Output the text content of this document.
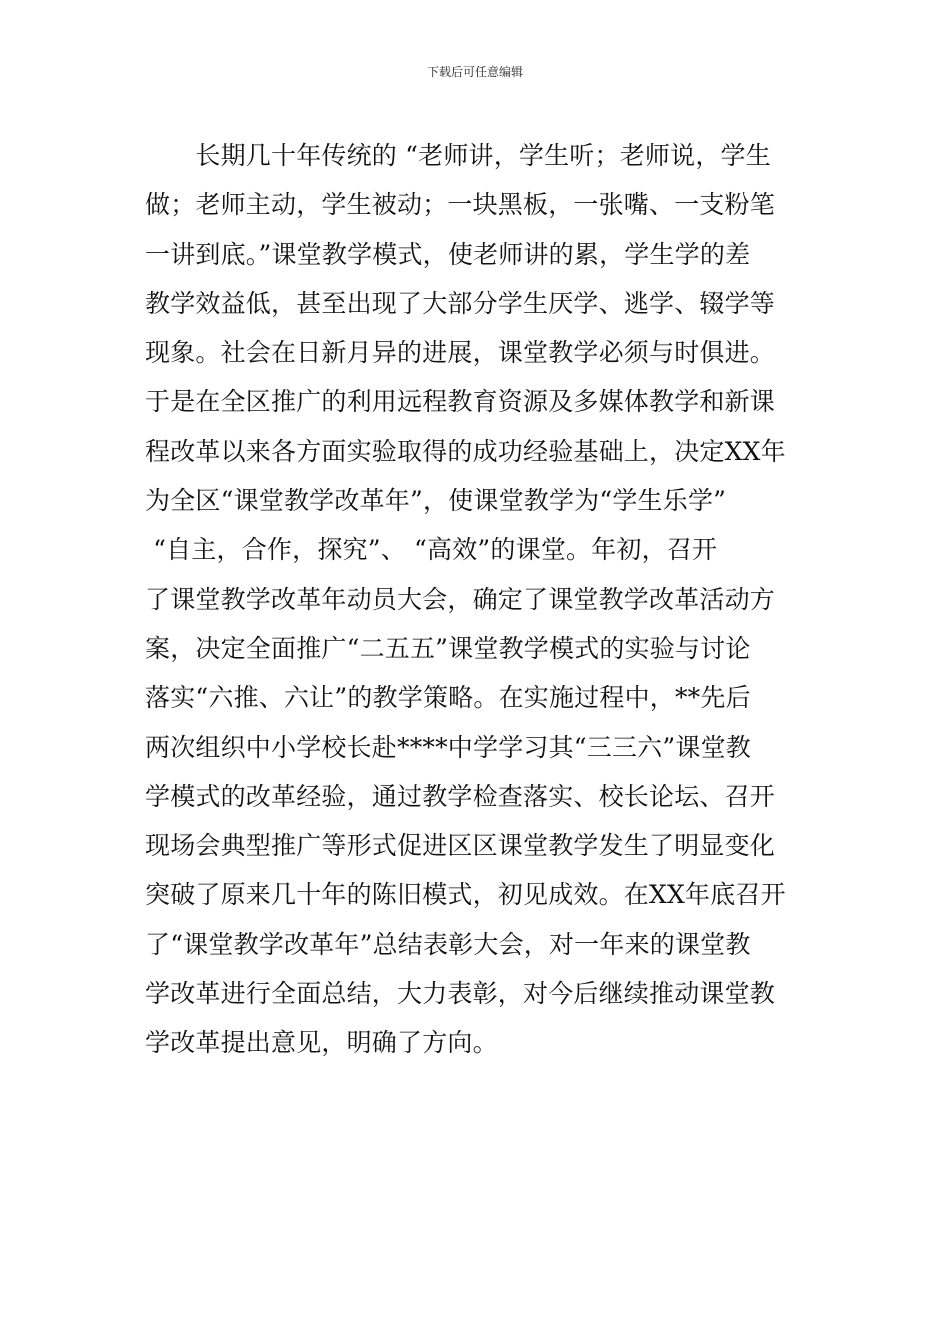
下载后可任意编辑
　　长期几十年传统的 “老师讲，学生听；老师说，学生
做；老师主动，学生被动；一块黑板，一张嘴、一支粉笔
一讲到底。”课堂教学模式，使老师讲的累，学生学的差
教学效益低，甚至出现了大部分学生厌学、逃学、辍学等
现象。社会在日新月异的进展，课堂教学必须与时俱进。
于是在全区推广的利用远程教育资源及多媒体教学和新课
程改革以来各方面实验取得的成功经验基础上，决定XX年
为全区“课堂教学改革年”，使课堂教学为“学生乐学”
“自主，合作，探究”、 “高效”的课堂。年初，召开
了课堂教学改革年动员大会，确定了课堂教学改革活动方
案，决定全面推广“二五五”课堂教学模式的实验与讨论
落实“六推、六让”的教学策略。在实施过程中，**先后
两次组织中小学校长赴****中学学习其“三三六”课堂教
学模式的改革经验，通过教学检查落实、校长论坛、召开
现场会典型推广等形式促进区区课堂教学发生了明显变化
突破了原来几十年的陈旧模式，初见成效。在XX年底召开
了“课堂教学改革年”总结表彰大会，对一年来的课堂教
学改革进行全面总结，大力表彰，对今后继续推动课堂教
学改革提出意见，明确了方向。
